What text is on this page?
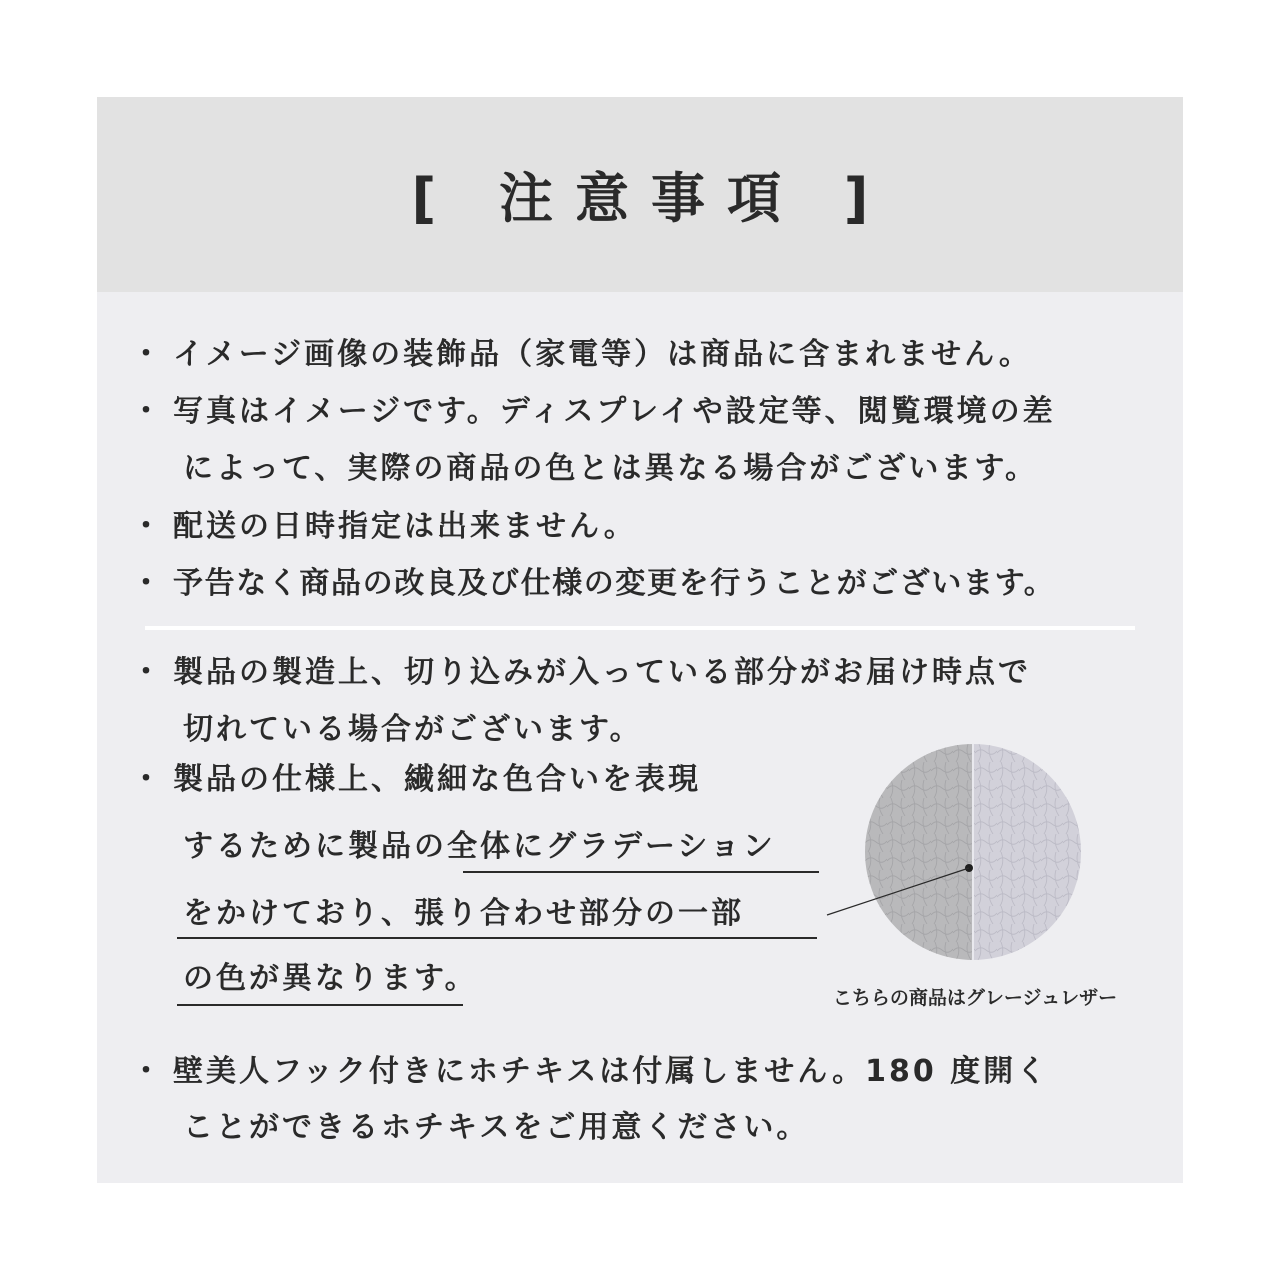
[ 注意事項 ]
・ イメージ画像の装飾品（家電等）は商品に含まれません。
・ 写真はイメージです。ディスプレイや設定等、閲覧環境の差
によって、実際の商品の色とは異なる場合がございます。
・ 配送の日時指定は出来ません。
・ 予告なく商品の改良及び仕様の変更を行うことがございます。
・ 製品の製造上、切り込みが入っている部分がお届け時点で
切れている場合がございます。
・ 製品の仕様上、繊細な色合いを表現
するために製品の全体にグラデーション
をかけており、張り合わせ部分の一部
の色が異なります。
こちらの商品はグレージュレザー
・ 壁美人フック付きにホチキスは付属しません。180 度開く
ことができるホチキスをご用意ください。
